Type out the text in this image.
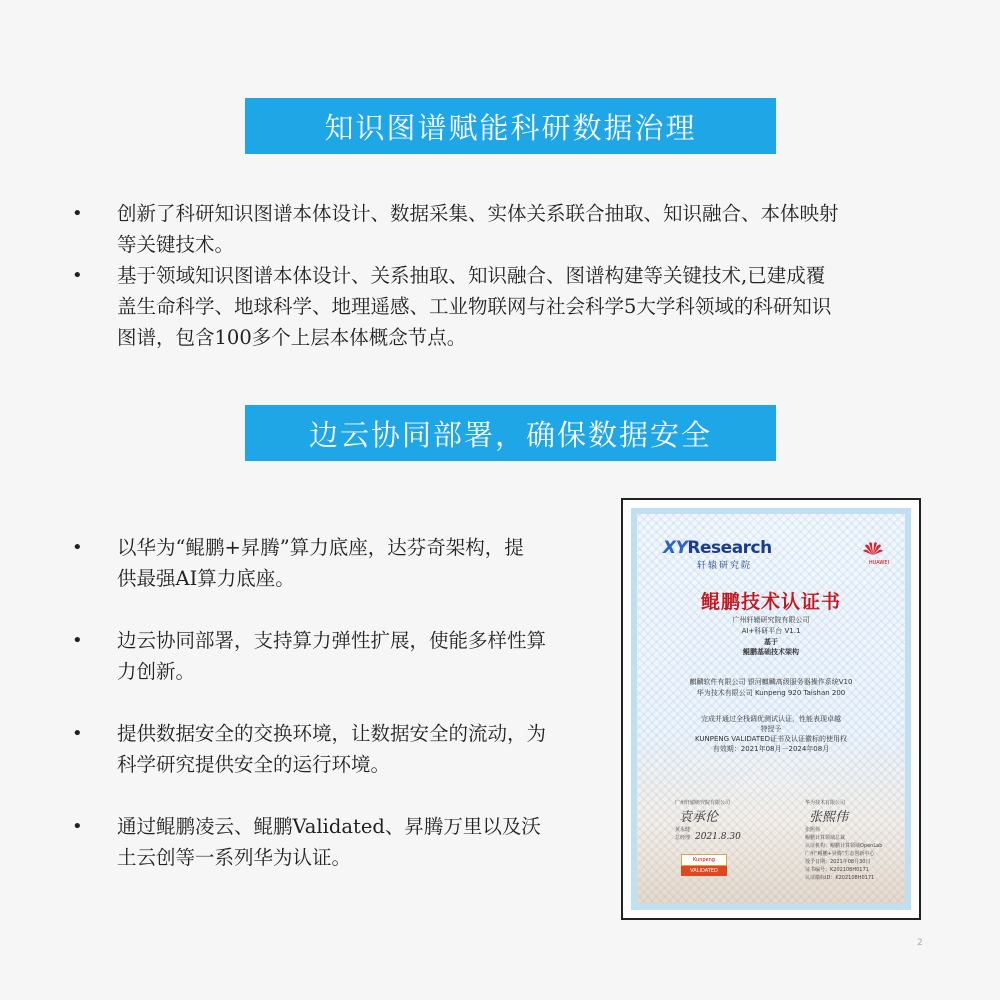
知识图谱赋能科研数据治理
• 创新了科研知识图谱本体设计、数据采集、实体关系联合抽取、知识融合、本体映射
等关键技术。
• 基于领域知识图谱本体设计、关系抽取、知识融合、图谱构建等关键技术,已建成覆
盖生命科学、地球科学、地理遥感、工业物联网与社会科学5大学科领域的科研知识
图谱，包含100多个上层本体概念节点。
边云协同部署，确保数据安全
• 以华为“鲲鹏+昇腾”算力底座，达芬奇架构，提
供最强AI算力底座。
• 边云协同部署，支持算力弹性扩展，使能多样性算
力创新。
• 提供数据安全的交换环境，让数据安全的流动，为
科学研究提供安全的运行环境。
• 通过鲲鹏凌云、鲲鹏Validated、昇腾万里以及沃
土云创等一系列华为认证。
XYResearch
轩辕研究院	HUAWEI
鲲鹏技术认证书
广州轩辕研究院有限公司
AI+科研平台 V1.1
基于
鲲鹏基础技术架构
麒麟软件有限公司 银河麒麟高级服务器操作系统V10
华为技术有限公司 Kunpeng 920 Taishan 200
完成并通过全栈调优测试认证，性能表现卓越
特授予
KUNPENG VALIDATED证书及认证徽标的使用权
有效期：2021年08月－2024年08月
广州轩辕研究院有限公司
袁承伦
黄永健
总经理 2021.8.30
华为技术有限公司
张熙伟
张熙伟
鲲鹏计算领域总裁
认证机构：鲲鹏计算领域OpenLab
广州“鲲鹏+昇腾”生态创新中心
授予日期：2021年08月30日
证书编号：K202108H0171
认证徽标ID：K202108H0171
Kunpeng
VALIDATED
2
